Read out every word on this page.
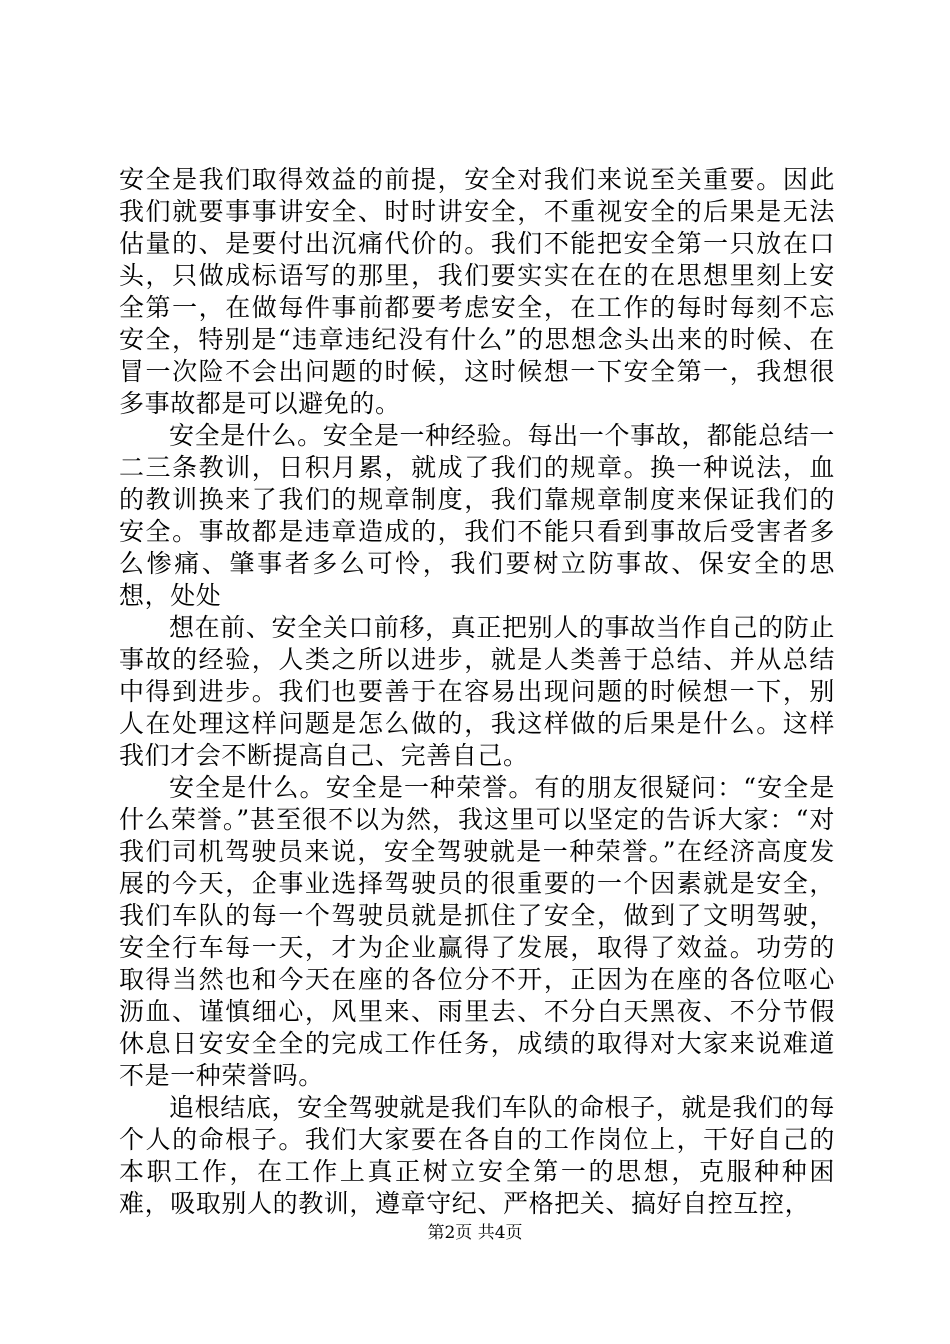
安全是我们取得效益的前提，安全对我们来说至关重要。因此我们就要事事讲安全、时时讲安全，不重视安全的后果是无法估量的、是要付出沉痛代价的。我们不能把安全第一只放在口头，只做成标语写的那里，我们要实实在在的在思想里刻上安全第一，在做每件事前都要考虑安全，在工作的每时每刻不忘安全，特别是“违章违纪没有什么”的思想念头出来的时候、在冒一次险不会出问题的时候，这时候想一下安全第一，我想很多事故都是可以避免的。

安全是什么。安全是一种经验。每出一个事故，都能总结一二三条教训，日积月累，就成了我们的规章。换一种说法，血的教训换来了我们的规章制度，我们靠规章制度来保证我们的安全。事故都是违章造成的，我们不能只看到事故后受害者多么惨痛、肇事者多么可怜，我们要树立防事故、保安全的思想，处处

想在前、安全关口前移，真正把别人的事故当作自己的防止事故的经验，人类之所以进步，就是人类善于总结、并从总结中得到进步。我们也要善于在容易出现问题的时候想一下，别人在处理这样问题是怎么做的，我这样做的后果是什么。这样我们才会不断提高自己、完善自己。

安全是什么。安全是一种荣誉。有的朋友很疑问：“安全是什么荣誉。”甚至很不以为然，我这里可以坚定的告诉大家：“对我们司机驾驶员来说，安全驾驶就是一种荣誉。”在经济高度发展的今天，企事业选择驾驶员的很重要的一个因素就是安全，我们车队的每一个驾驶员就是抓住了安全，做到了文明驾驶，安全行车每一天，才为企业赢得了发展，取得了效益。功劳的取得当然也和今天在座的各位分不开，正因为在座的各位呕心沥血、谨慎细心，风里来、雨里去、不分白天黑夜、不分节假休息日安安全全的完成工作任务，成绩的取得对大家来说难道不是一种荣誉吗。

追根结底，安全驾驶就是我们车队的命根子，就是我们的每个人的命根子。我们大家要在各自的工作岗位上，干好自己的本职工作，在工作上真正树立安全第一的思想，克服种种困难，吸取别人的教训，遵章守纪、严格把关、搞好自控互控，

第2页 共4页
